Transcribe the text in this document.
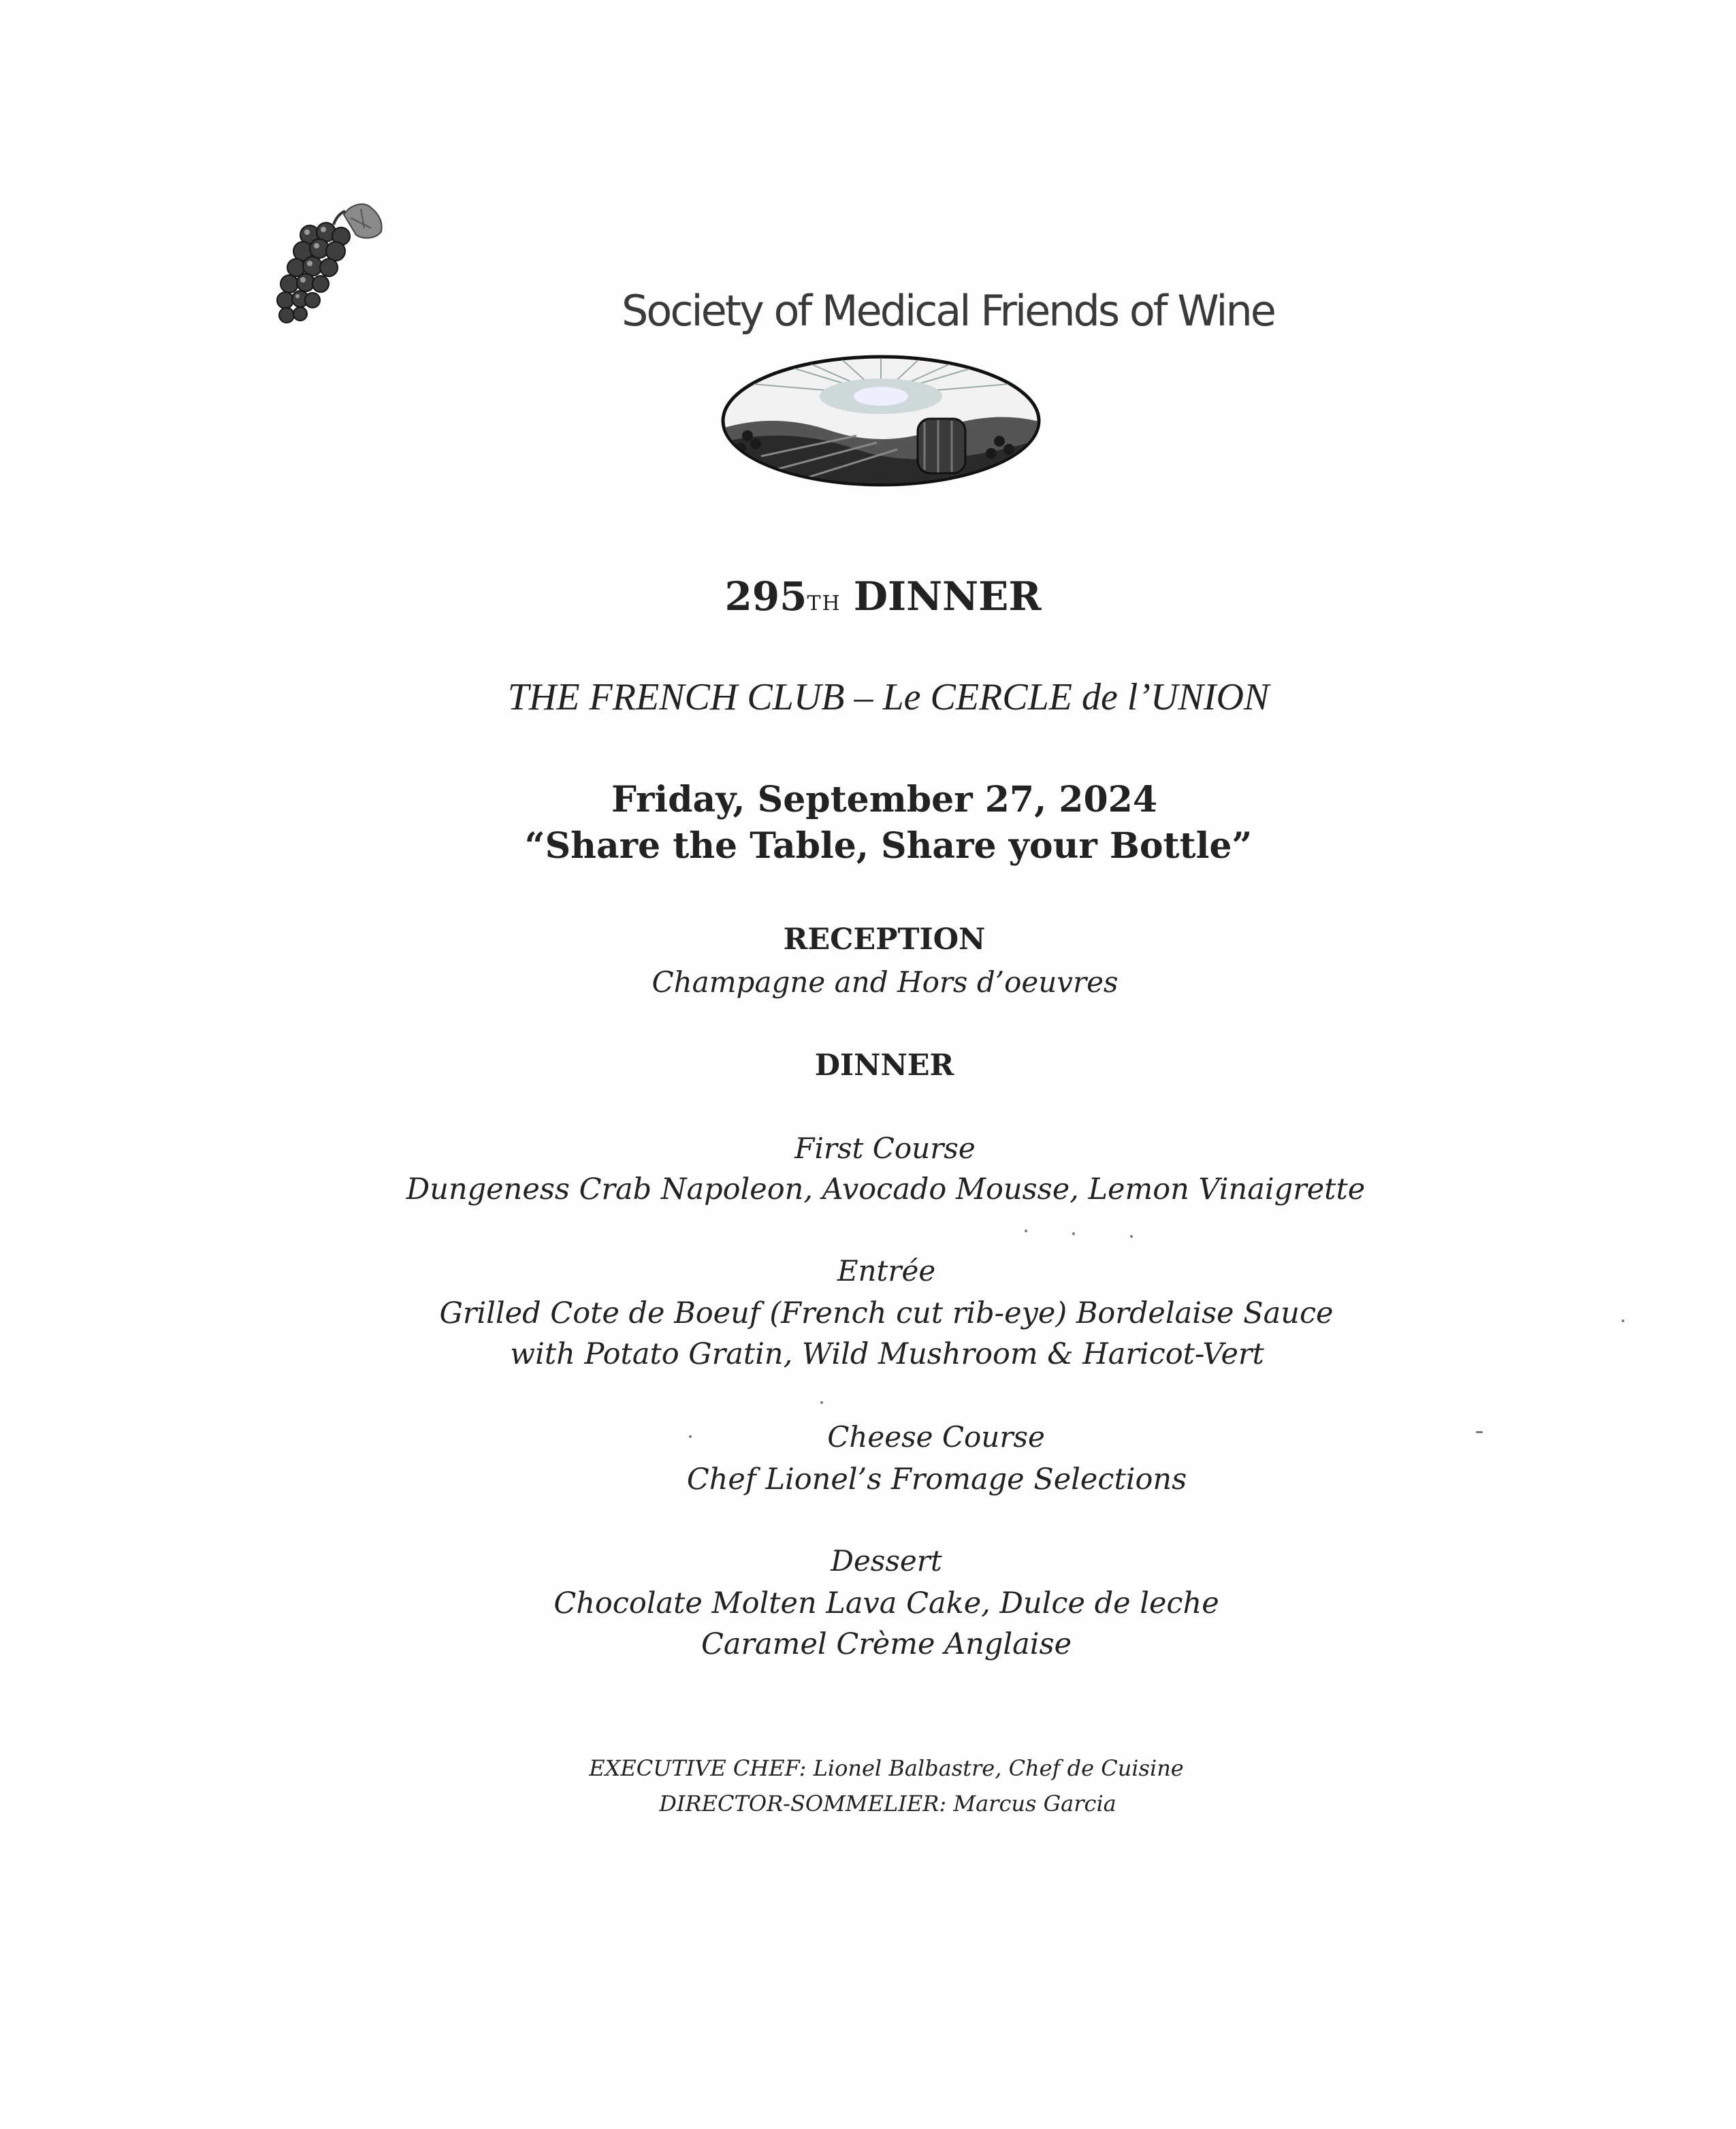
Society of Medical Friends of Wine
295TH DINNER
THE FRENCH CLUB – Le CERCLE de l’UNION
Friday, September 27, 2024
“Share the Table, Share your Bottle”
RECEPTION
Champagne and Hors d’oeuvres
DINNER
First Course
Dungeness Crab Napoleon, Avocado Mousse, Lemon Vinaigrette
Entrée
Grilled Cote de Boeuf (French cut rib-eye) Bordelaise Sauce
with Potato Gratin, Wild Mushroom & Haricot-Vert
Cheese Course
Chef Lionel’s Fromage Selections
Dessert
Chocolate Molten Lava Cake, Dulce de leche
Caramel Crème Anglaise
EXECUTIVE CHEF: Lionel Balbastre, Chef de Cuisine
DIRECTOR-SOMMELIER: Marcus Garcia
